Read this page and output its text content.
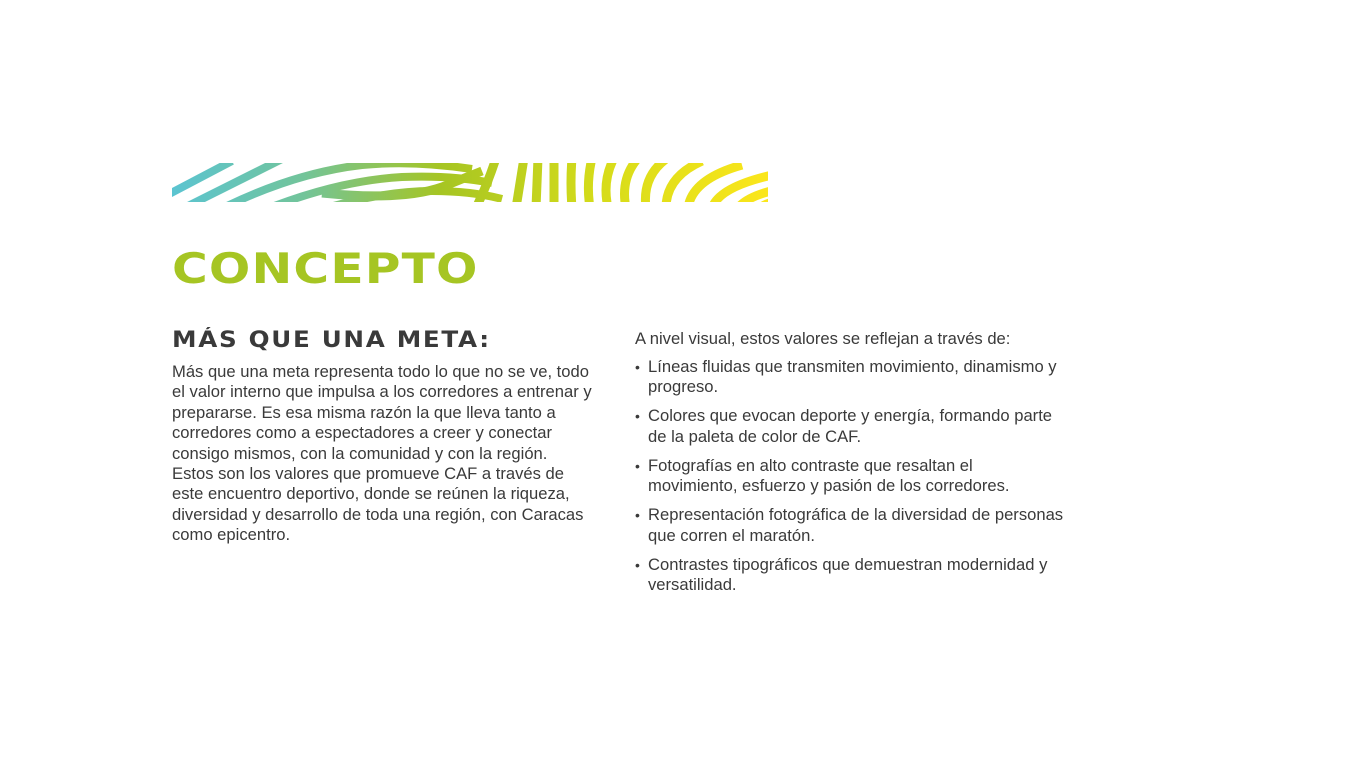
CONCEPTO
MÁS QUE UNA META:

Más que una meta representa todo lo que no se ve, todo el valor interno que impulsa a los corredores a entrenar y prepararse. Es esa misma razón la que lleva tanto a corredores como a espectadores a creer y conectar consigo mismos, con la comunidad y con la región. Estos son los valores que promueve CAF a través de este encuentro deportivo, donde se reúnen la riqueza, diversidad y desarrollo de toda una región, con Caracas como epicentro.

A nivel visual, estos valores se reflejan a través de:

• Líneas fluidas que transmiten movimiento, dinamismo y progreso.
• Colores que evocan deporte y energía, formando parte de la paleta de color de CAF.
• Fotografías en alto contraste que resaltan el movimiento, esfuerzo y pasión de los corredores.
• Representación fotográfica de la diversidad de personas que corren el maratón.
• Contrastes tipográficos que demuestran modernidad y versatilidad.
